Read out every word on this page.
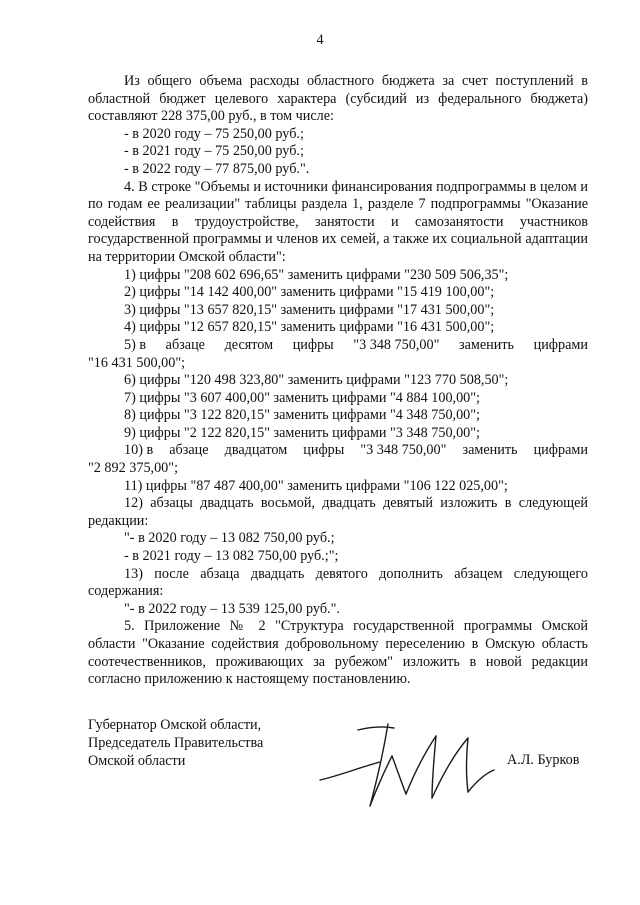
4

Из общего объема расходы областного бюджета за счет поступлений в областной бюджет целевого характера (субсидий из федерального бюджета) составляют 228 375,00 руб., в том числе:

- в 2020 году – 75 250,00 руб.;

- в 2021 году – 75 250,00 руб.;

- в 2022 году – 77 875,00 руб.".

4. В строке "Объемы и источники финансирования подпрограммы в целом и по годам ее реализации" таблицы раздела 1, разделе 7 подпрограммы "Оказание содействия в трудоустройстве, занятости и самозанятости участников государственной программы и членов их семей, а также их социальной адаптации на территории Омской области":

1) цифры "208 602 696,65" заменить цифрами "230 509 506,35";

2) цифры "14 142 400,00" заменить цифрами "15 419 100,00";

3) цифры "13 657 820,15" заменить цифрами "17 431 500,00";

4) цифры "12 657 820,15" заменить цифрами "16 431 500,00";

5) в абзаце десятом цифры "3 348 750,00" заменить цифрами

"16 431 500,00";

6) цифры "120 498 323,80" заменить цифрами "123 770 508,50";

7) цифры "3 607 400,00" заменить цифрами "4 884 100,00";

8) цифры "3 122 820,15" заменить цифрами "4 348 750,00";

9) цифры "2 122 820,15" заменить цифрами "3 348 750,00";

10) в абзаце двадцатом цифры "3 348 750,00" заменить цифрами

"2 892 375,00";

11) цифры "87 487 400,00" заменить цифрами "106 122 025,00";

12) абзацы двадцать восьмой, двадцать девятый изложить в следующей редакции:

"- в 2020 году – 13 082 750,00 руб.;

- в 2021 году – 13 082 750,00 руб.;";

13) после абзаца двадцать девятого дополнить абзацем следующего содержания:

"- в 2022 году – 13 539 125,00 руб.".

5. Приложение № 2 "Структура государственной программы Омской области "Оказание содействия добровольному переселению в Омскую область соотечественников, проживающих за рубежом" изложить в новой редакции согласно приложению к настоящему постановлению.

Губернатор Омской области,
Председатель Правительства
Омской области	А.Л. Бурков
